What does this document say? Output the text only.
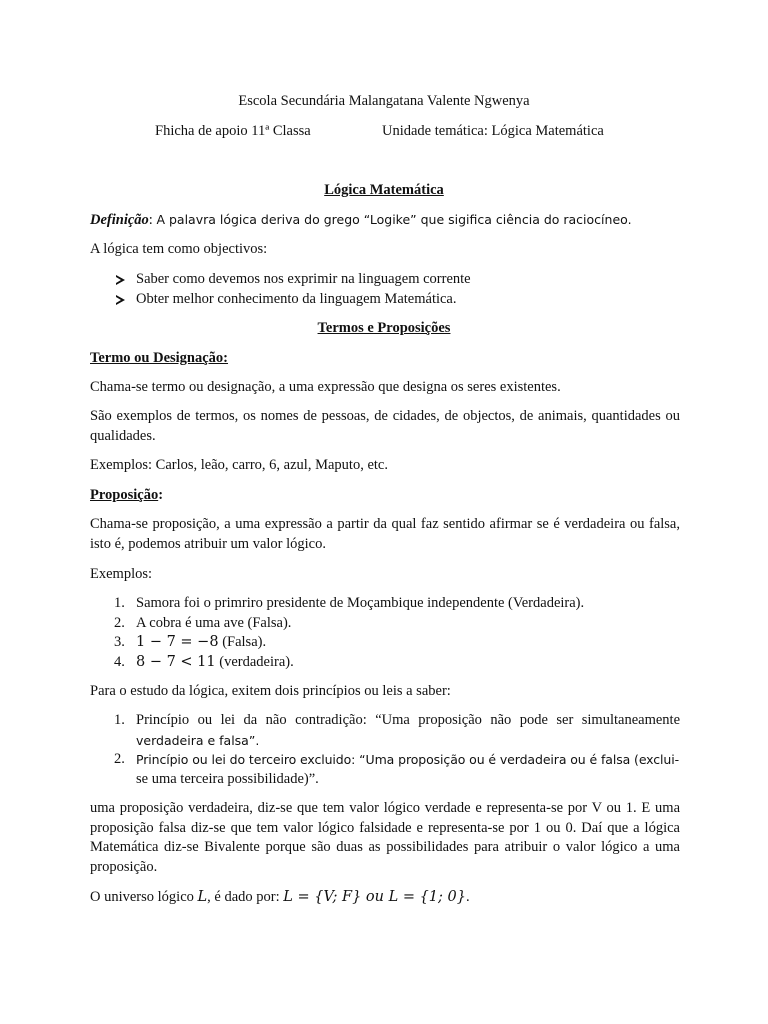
Escola Secundária Malangatana Valente Ngwenya
Fhicha de apoio 11ª Classa	Unidade temática: Lógica Matemática
Lógica Matemática
Definição: A palavra lógica deriva do grego “Logike” que sigifica ciência do raciocíneo.
A lógica tem como objectivos:
Saber como devemos nos exprimir na linguagem corrente
Obter melhor conhecimento da linguagem Matemática.
Termos e Proposições
Termo ou Designação:
Chama-se termo ou designação, a uma expressão que designa os seres existentes.
São exemplos de termos, os nomes de pessoas, de cidades, de objectos, de animais, quantidades ou qualidades.
Exemplos: Carlos, leão, carro, 6, azul, Maputo, etc.
Proposição:
Chama-se proposição, a uma expressão a partir da qual faz sentido afirmar se é verdadeira ou falsa, isto é, podemos atribuir um valor lógico.
Exemplos:
1. Samora foi o primriro presidente de Moçambique independente (Verdadeira).
2. A cobra é uma ave (Falsa).
3. 1 − 7 = −8 (Falsa).
4. 8 − 7 < 11 (verdadeira).
Para o estudo da lógica, exitem dois princípios ou leis a saber:
1. Princípio ou lei da não contradição: “Uma proposição não pode ser simultaneamente
verdadeira e falsa”.
2. Princípio ou lei do terceiro excluido: “Uma proposição ou é verdadeira ou é falsa (exclui-
se uma terceira possibilidade)”.
uma proposição verdadeira, diz-se que tem valor lógico verdade e representa-se por V ou 1. E uma proposição falsa diz-se que tem valor lógico falsidade e representa-se por 1 ou 0. Daí que a lógica Matemática diz-se Bivalente porque são duas as possibilidades para atribuir o valor lógico a uma proposição.
O universo lógico L, é dado por: L = {V; F} ou L = {1; 0}.
